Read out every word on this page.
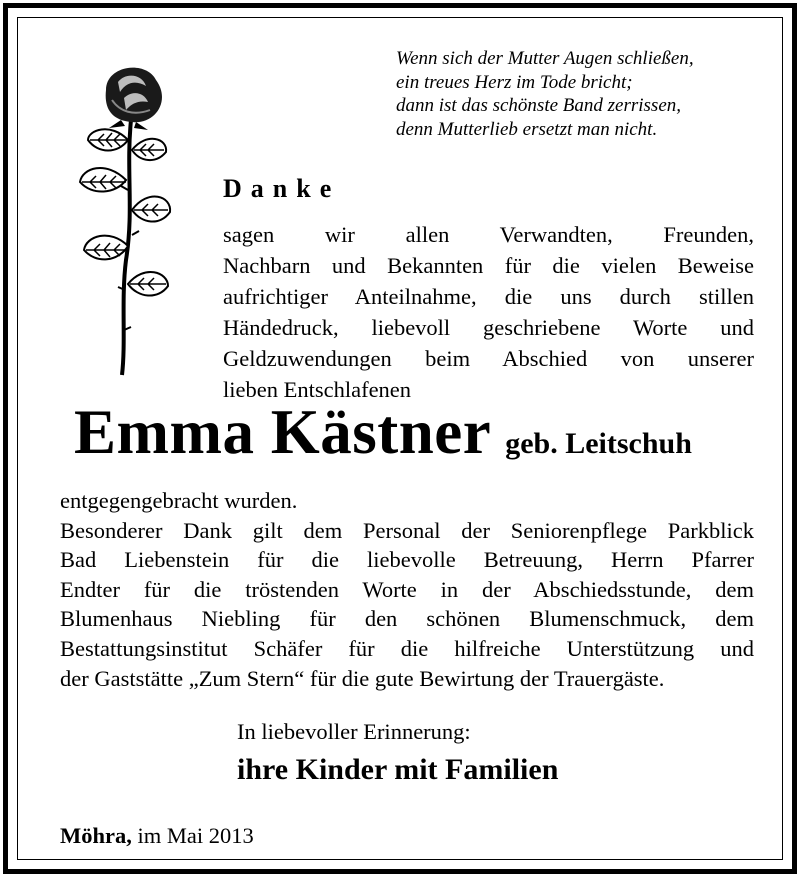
Wenn sich der Mutter Augen schließen,
ein treues Herz im Tode bricht;
dann ist das schönste Band zerrissen,
denn Mutterlieb ersetzt man nicht.
Danke
sagen wir allen Verwandten, Freunden,
Nachbarn und Bekannten für die vielen Beweise
aufrichtiger Anteilnahme, die uns durch stillen
Händedruck, liebevoll geschriebene Worte und
Geldzuwendungen beim Abschied von unserer
lieben Entschlafenen
Emma Kästner geb. Leitschuh
entgegengebracht wurden.
Besonderer Dank gilt dem Personal der Seniorenpflege Parkblick
Bad Liebenstein für die liebevolle Betreuung, Herrn Pfarrer
Endter für die tröstenden Worte in der Abschiedsstunde, dem
Blumenhaus Niebling für den schönen Blumenschmuck, dem
Bestattungsinstitut Schäfer für die hilfreiche Unterstützung und
der Gaststätte „Zum Stern“ für die gute Bewirtung der Trauergäste.
In liebevoller Erinnerung:
ihre Kinder mit Familien
Möhra, im Mai 2013
